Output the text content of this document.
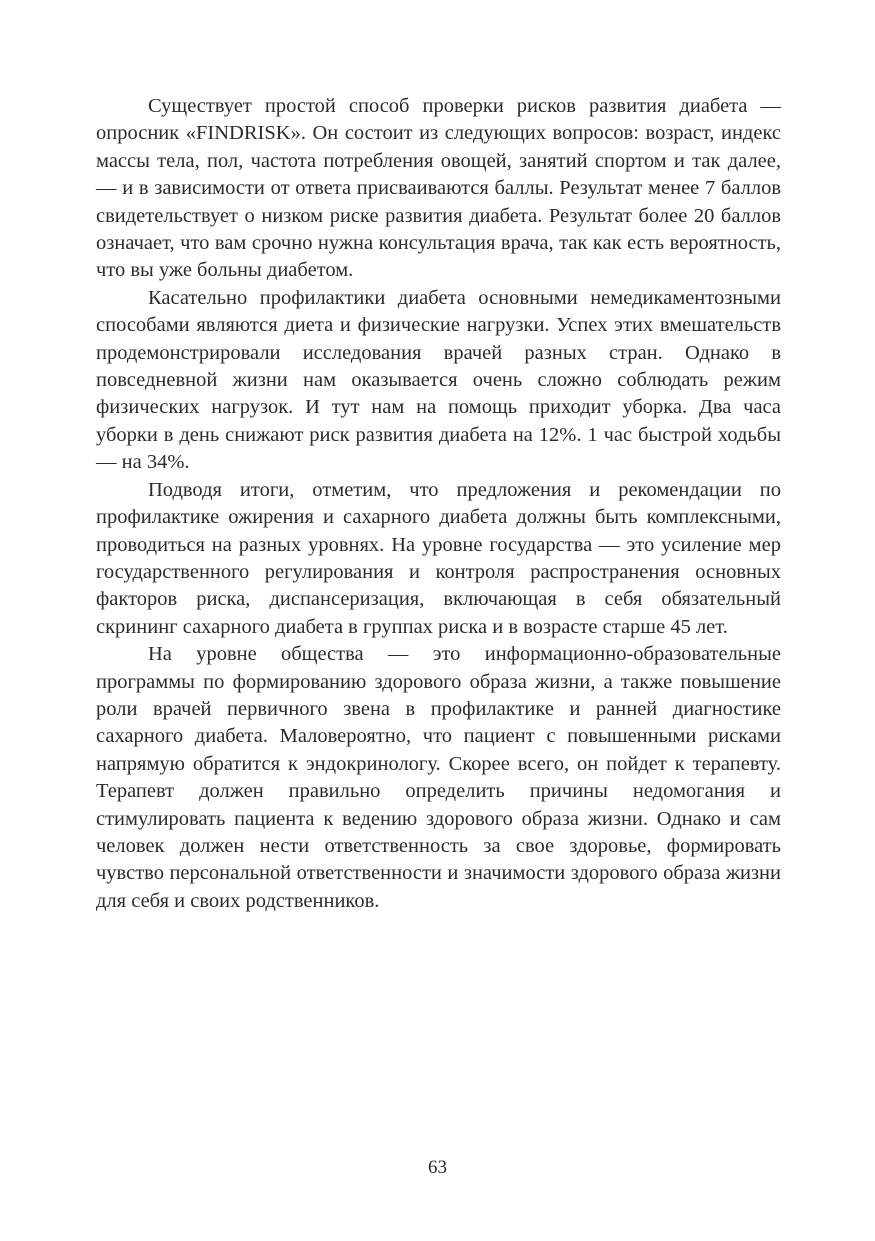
Существует простой способ проверки рисков развития диабета — опросник «FINDRISK». Он состоит из следующих вопросов: возраст, индекс массы тела, пол, частота потребления овощей, занятий спортом и так далее, — и в зависимости от ответа присваиваются баллы. Результат менее 7 баллов свидетельствует о низком риске развития диабета. Результат более 20 баллов означает, что вам срочно нужна консультация врача, так как есть вероятность, что вы уже больны диабетом.

Касательно профилактики диабета основными немедикаментозными способами являются диета и физические нагрузки. Успех этих вмешательств продемонстрировали исследования врачей разных стран. Однако в повседневной жизни нам оказывается очень сложно соблюдать режим физических нагрузок. И тут нам на помощь приходит уборка. Два часа уборки в день снижают риск развития диабета на 12%. 1 час быстрой ходьбы — на 34%.

Подводя итоги, отметим, что предложения и рекомендации по профилактике ожирения и сахарного диабета должны быть комплексными, проводиться на разных уровнях. На уровне государства — это усиление мер государственного регулирования и контроля распространения основных факторов риска, диспансеризация, включающая в себя обязательный скрининг сахарного диабета в группах риска и в возрасте старше 45 лет.

На уровне общества — это информационно-образовательные программы по формированию здорового образа жизни, а также повышение роли врачей первичного звена в профилактике и ранней диагностике сахарного диабета. Маловероятно, что пациент с повышенными рисками напрямую обратится к эндокринологу. Скорее всего, он пойдет к терапевту. Терапевт должен правильно определить причины недомогания и стимулировать пациента к ведению здорового образа жизни. Однако и сам человек должен нести ответственность за свое здоровье, формировать чувство персональной ответственности и значимости здорового образа жизни для себя и своих родственников.

63
